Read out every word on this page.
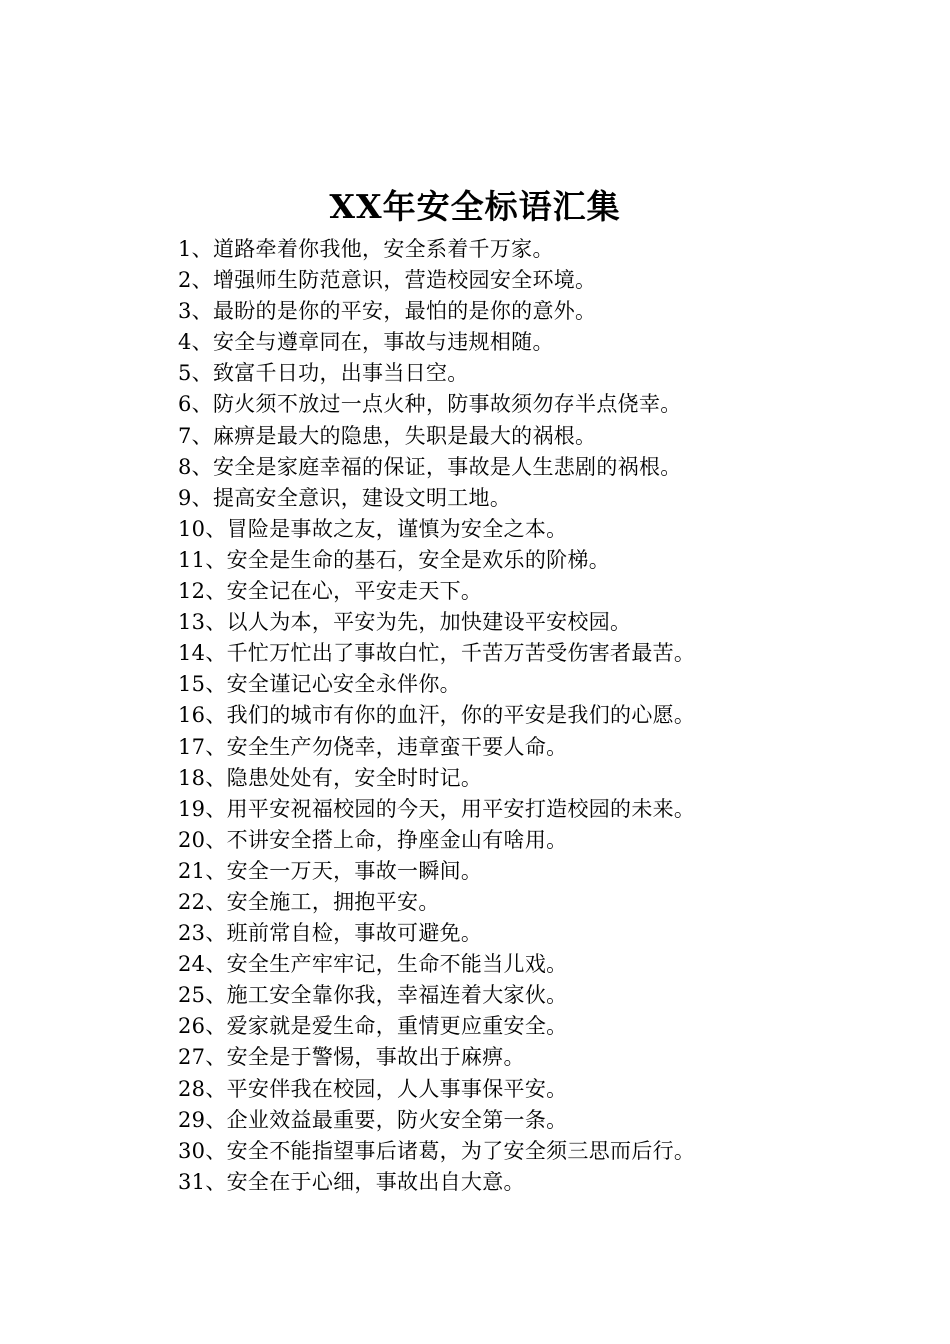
XX年安全标语汇集
1、道路牵着你我他，安全系着千万家。
2、增强师生防范意识，营造校园安全环境。
3、最盼的是你的平安，最怕的是你的意外。
4、安全与遵章同在，事故与违规相随。
5、致富千日功，出事当日空。
6、防火须不放过一点火种，防事故须勿存半点侥幸。
7、麻痹是最大的隐患，失职是最大的祸根。
8、安全是家庭幸福的保证，事故是人生悲剧的祸根。
9、提高安全意识，建设文明工地。
10、冒险是事故之友，谨慎为安全之本。
11、安全是生命的基石，安全是欢乐的阶梯。
12、安全记在心，平安走天下。
13、以人为本，平安为先，加快建设平安校园。
14、千忙万忙出了事故白忙，千苦万苦受伤害者最苦。
15、安全谨记心安全永伴你。
16、我们的城市有你的血汗，你的平安是我们的心愿。
17、安全生产勿侥幸，违章蛮干要人命。
18、隐患处处有，安全时时记。
19、用平安祝福校园的今天，用平安打造校园的未来。
20、不讲安全搭上命，挣座金山有啥用。
21、安全一万天，事故一瞬间。
22、安全施工，拥抱平安。
23、班前常自检，事故可避免。
24、安全生产牢牢记，生命不能当儿戏。
25、施工安全靠你我，幸福连着大家伙。
26、爱家就是爱生命，重情更应重安全。
27、安全是于警惕，事故出于麻痹。
28、平安伴我在校园，人人事事保平安。
29、企业效益最重要，防火安全第一条。
30、安全不能指望事后诸葛，为了安全须三思而后行。
31、安全在于心细，事故出自大意。
